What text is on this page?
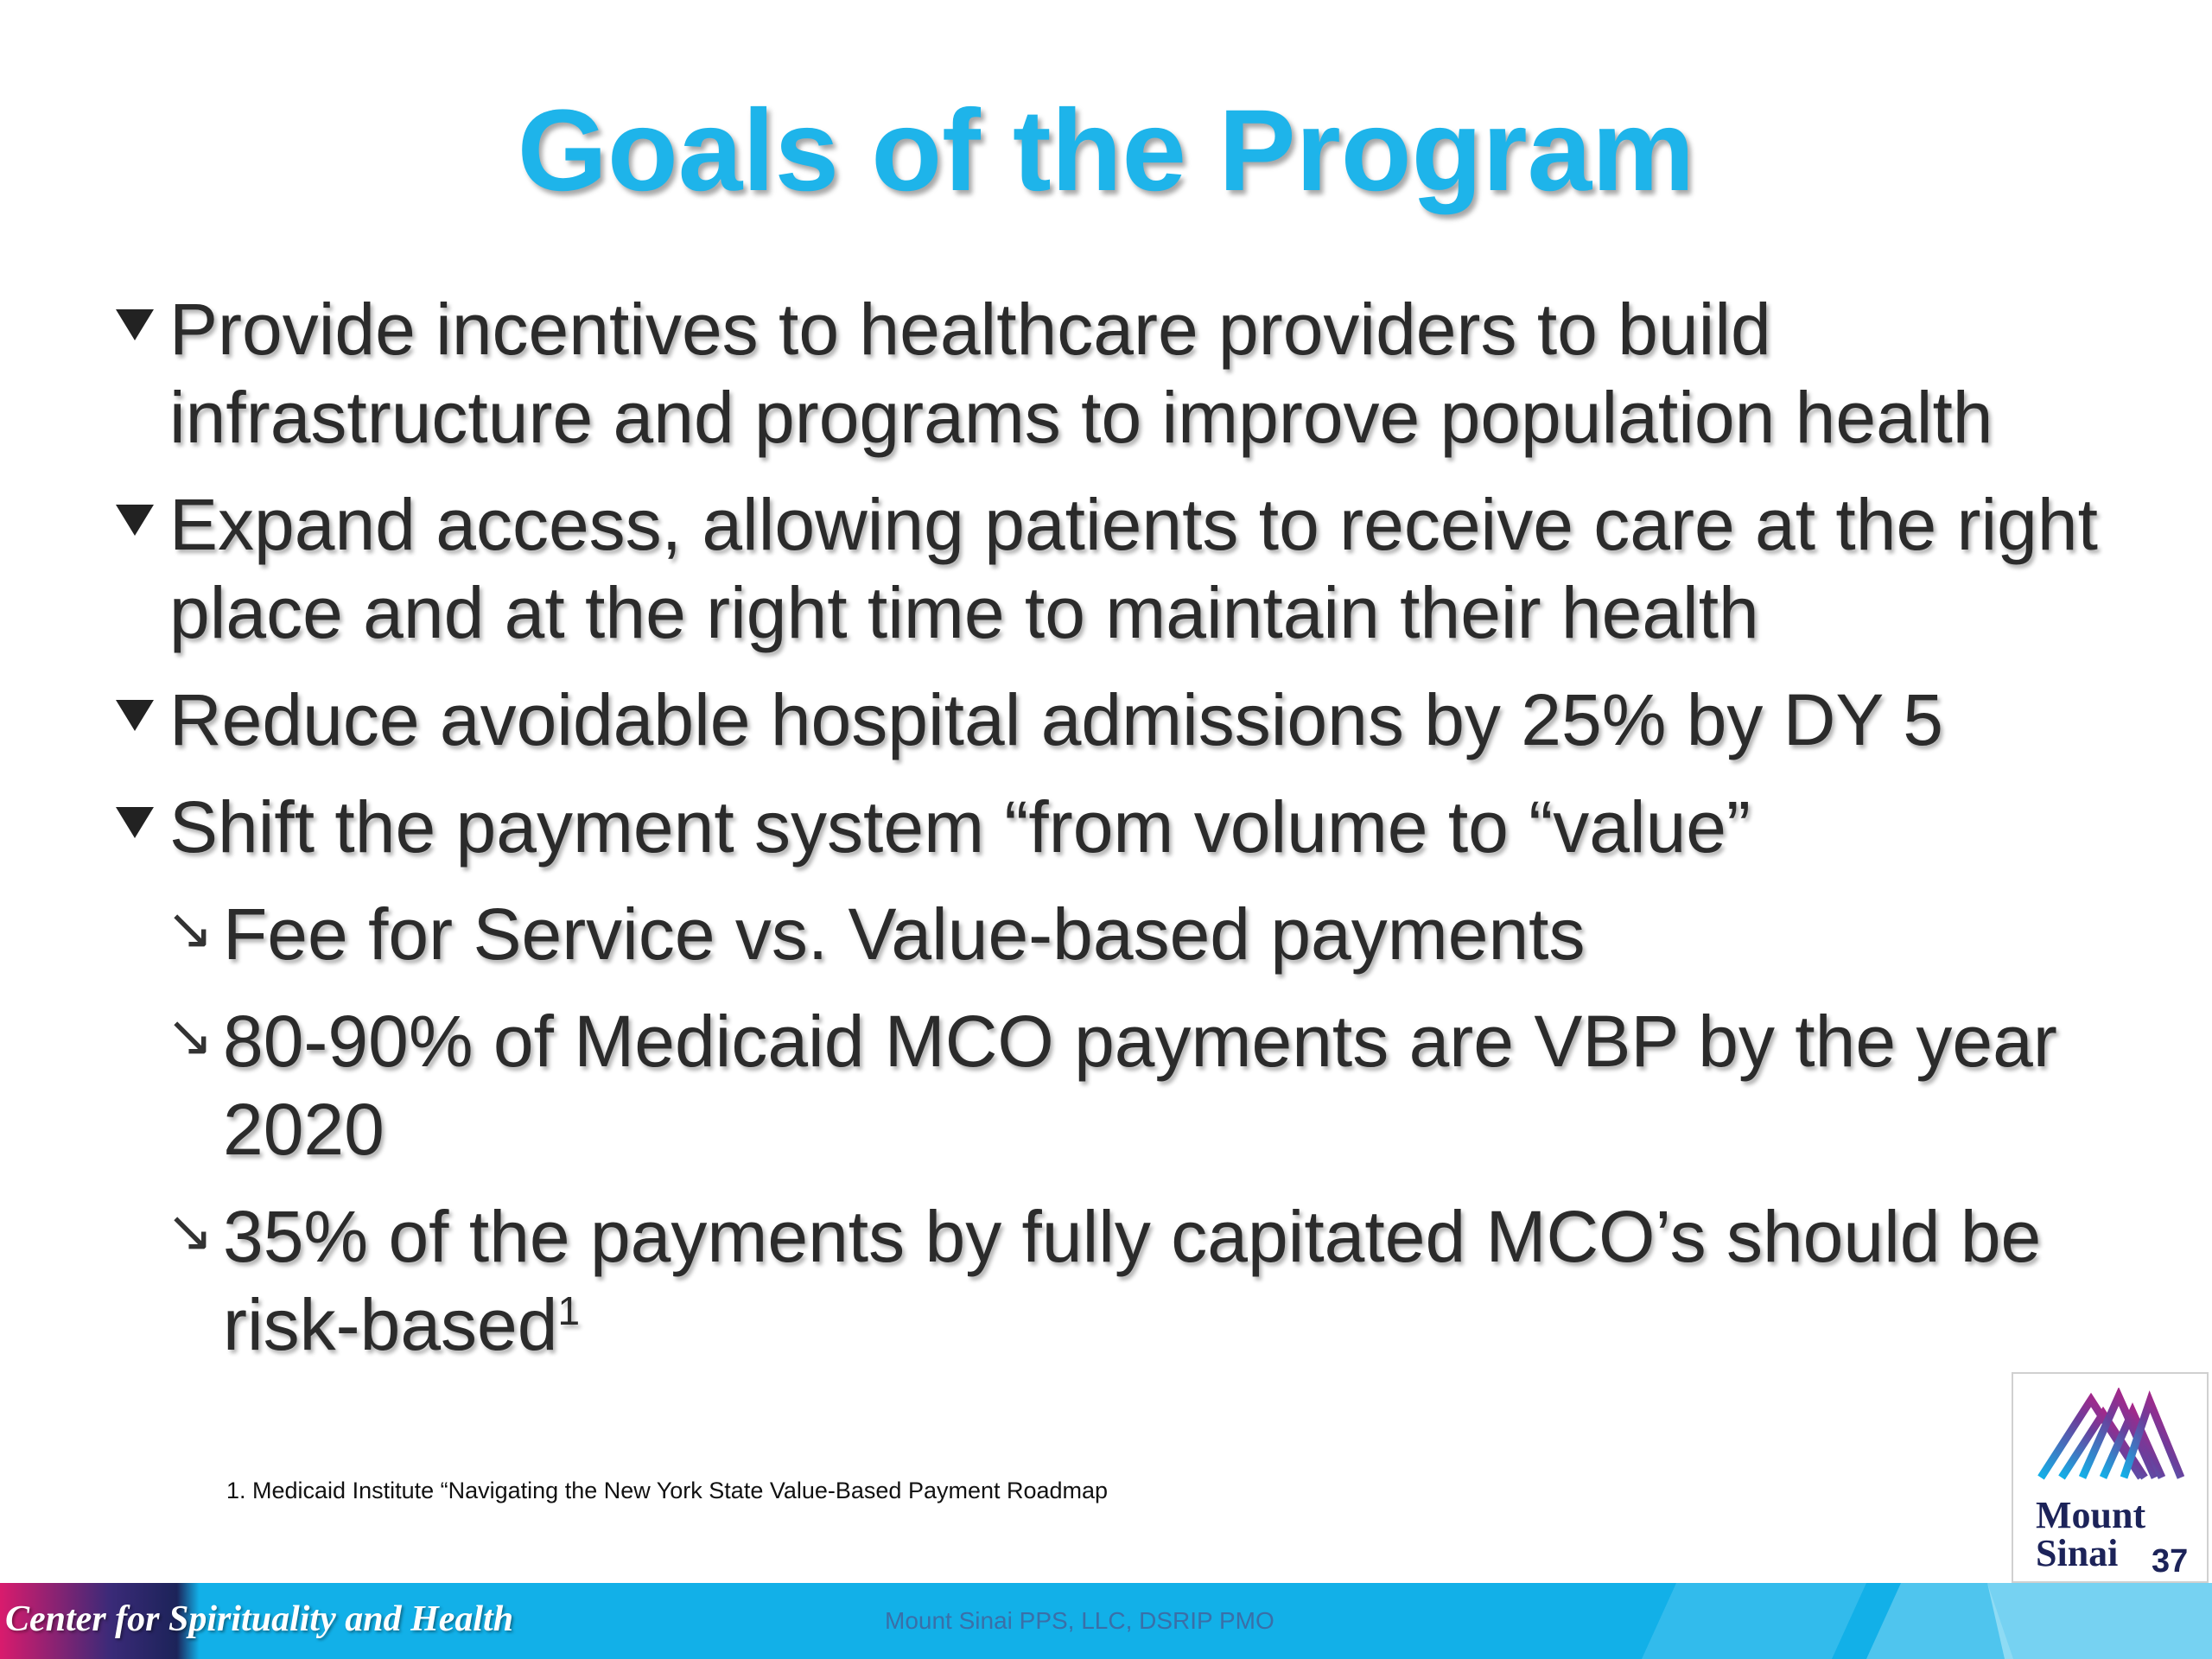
Goals of the Program
Provide incentives to healthcare providers to build infrastructure and programs to improve population health
Expand access, allowing patients to receive care at the right place and at the right time to maintain their health
Reduce avoidable hospital admissions by 25% by DY 5
Shift the payment system “from volume to “value”
↘ Fee for Service vs. Value-based payments
↘ 80-90% of Medicaid MCO payments are VBP by the year 2020
↘ 35% of the payments by fully capitated MCO’s should be risk-based$^1$
1. Medicaid Institute “Navigating the New York State Value-Based Payment Roadmap
Mount
Sinai	37
Center for Spirituality and Health	Mount Sinai PPS, LLC, DSRIP PMO
